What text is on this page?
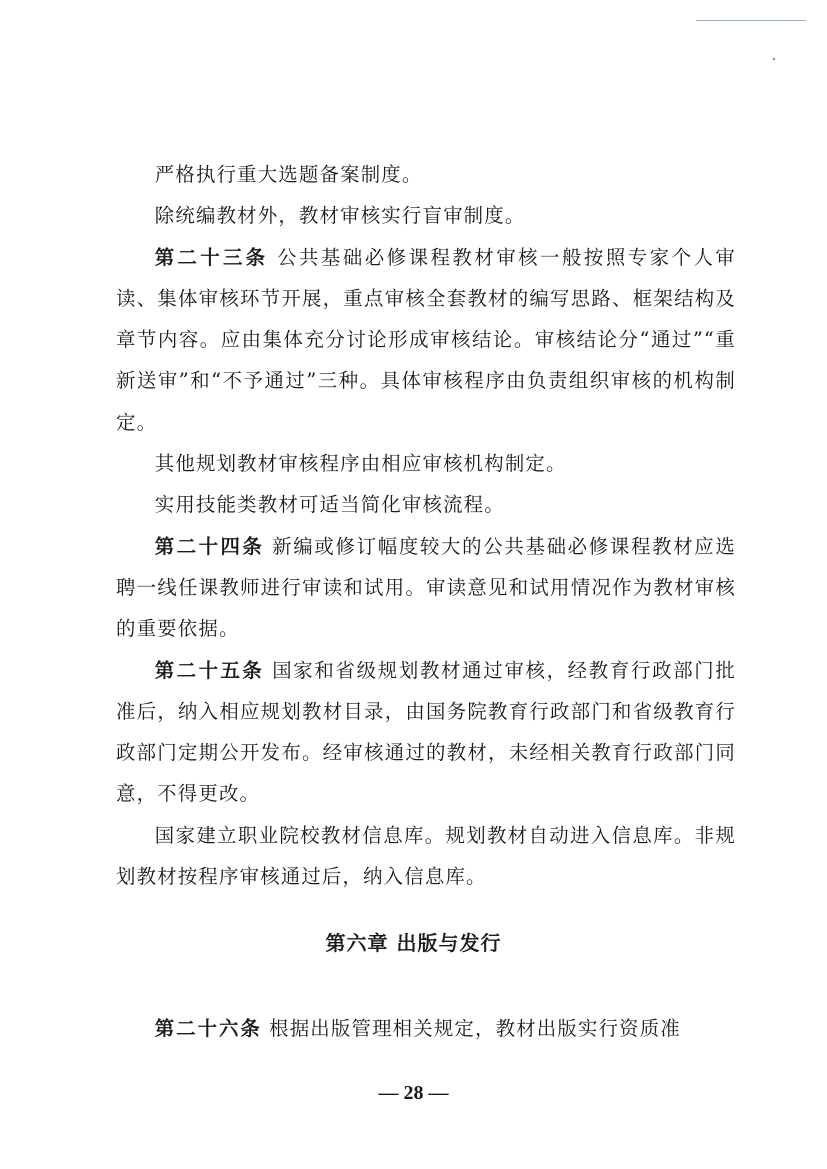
严格执行重大选题备案制度。

除统编教材外，教材审核实行盲审制度。

第二十三条 公共基础必修课程教材审核一般按照专家个人审读、集体审核环节开展，重点审核全套教材的编写思路、框架结构及章节内容。应由集体充分讨论形成审核结论。审核结论分“通过”“重新送审”和“不予通过”三种。具体审核程序由负责组织审核的机构制定。

其他规划教材审核程序由相应审核机构制定。

实用技能类教材可适当简化审核流程。

第二十四条 新编或修订幅度较大的公共基础必修课程教材应选聘一线任课教师进行审读和试用。审读意见和试用情况作为教材审核的重要依据。

第二十五条 国家和省级规划教材通过审核，经教育行政部门批准后，纳入相应规划教材目录，由国务院教育行政部门和省级教育行政部门定期公开发布。经审核通过的教材，未经相关教育行政部门同意，不得更改。

国家建立职业院校教材信息库。规划教材自动进入信息库。非规划教材按程序审核通过后，纳入信息库。

第六章 出版与发行

第二十六条 根据出版管理相关规定，教材出版实行资质准

— 28 —
